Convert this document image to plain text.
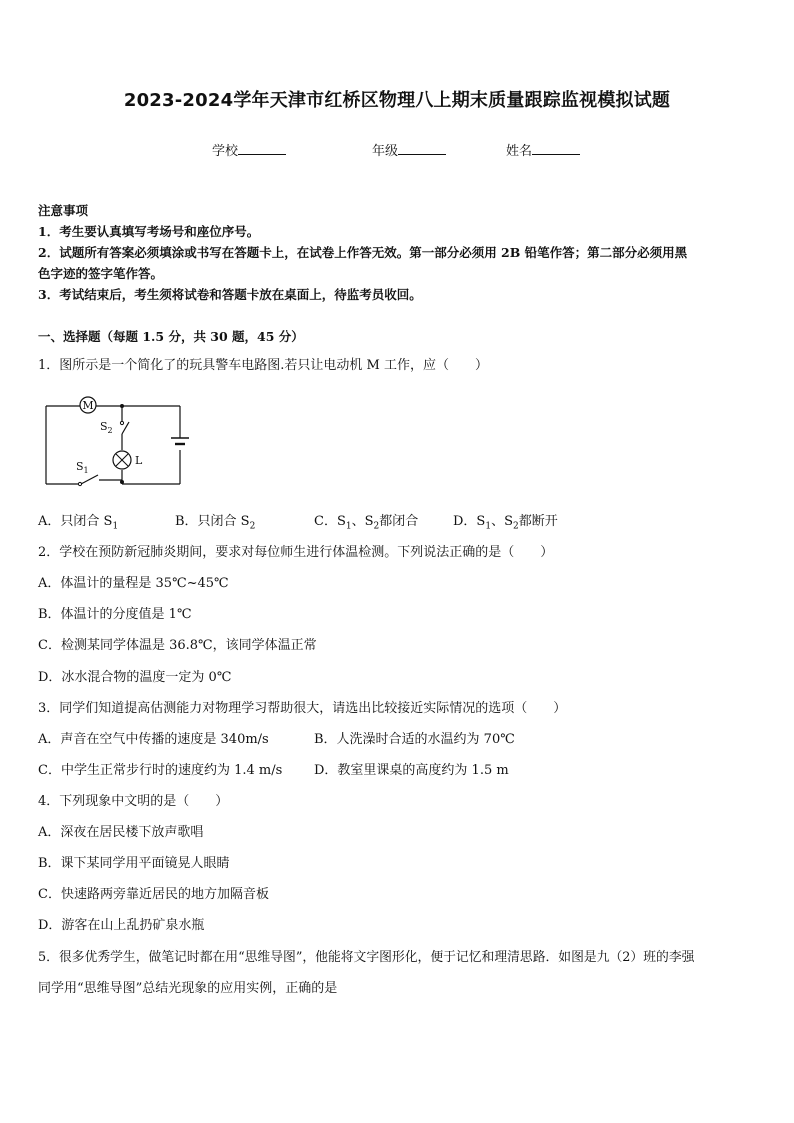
2023-2024学年天津市红桥区物理八上期末质量跟踪监视模拟试题
学校	年级	姓名
注意事项
1．考生要认真填写考场号和座位序号。
2．试题所有答案必须填涂或书写在答题卡上，在试卷上作答无效。第一部分必须用 2B 铅笔作答；第二部分必须用黑
色字迹的签字笔作答。
3．考试结束后，考生须将试卷和答题卡放在桌面上，待监考员收回。
一、选择题（每题 1.5 分，共 30 题，45 分）
1．图所示是一个简化了的玩具警车电路图.若只让电动机 M 工作，应（　　）
M
$S_2$
L
$S_1$
A．只闭合 $S_1$	B．只闭合 $S_2$	C．$S_1$、$S_2$都闭合	D．$S_1$、$S_2$都断开
2．学校在预防新冠肺炎期间，要求对每位师生进行体温检测。下列说法正确的是（　　）
A．体温计的量程是 35℃~45℃
B．体温计的分度值是 1℃
C．检测某同学体温是 36.8℃，该同学体温正常
D．冰水混合物的温度一定为 0℃
3．同学们知道提高估测能力对物理学习帮助很大，请选出比较接近实际情况的选项（　　）
A．声音在空气中传播的速度是 340m/s	B．人洗澡时合适的水温约为 70℃
C．中学生正常步行时的速度约为 1.4 m/s D．教室里课桌的高度约为 1.5 m
4．下列现象中文明的是（　　）
A．深夜在居民楼下放声歌唱
B．课下某同学用平面镜晃人眼睛
C．快速路两旁靠近居民的地方加隔音板
D．游客在山上乱扔矿泉水瓶
5．很多优秀学生，做笔记时都在用“思维导图”，他能将文字图形化，便于记忆和理清思路．如图是九（2）班的李强
同学用“思维导图”总结光现象的应用实例，正确的是
